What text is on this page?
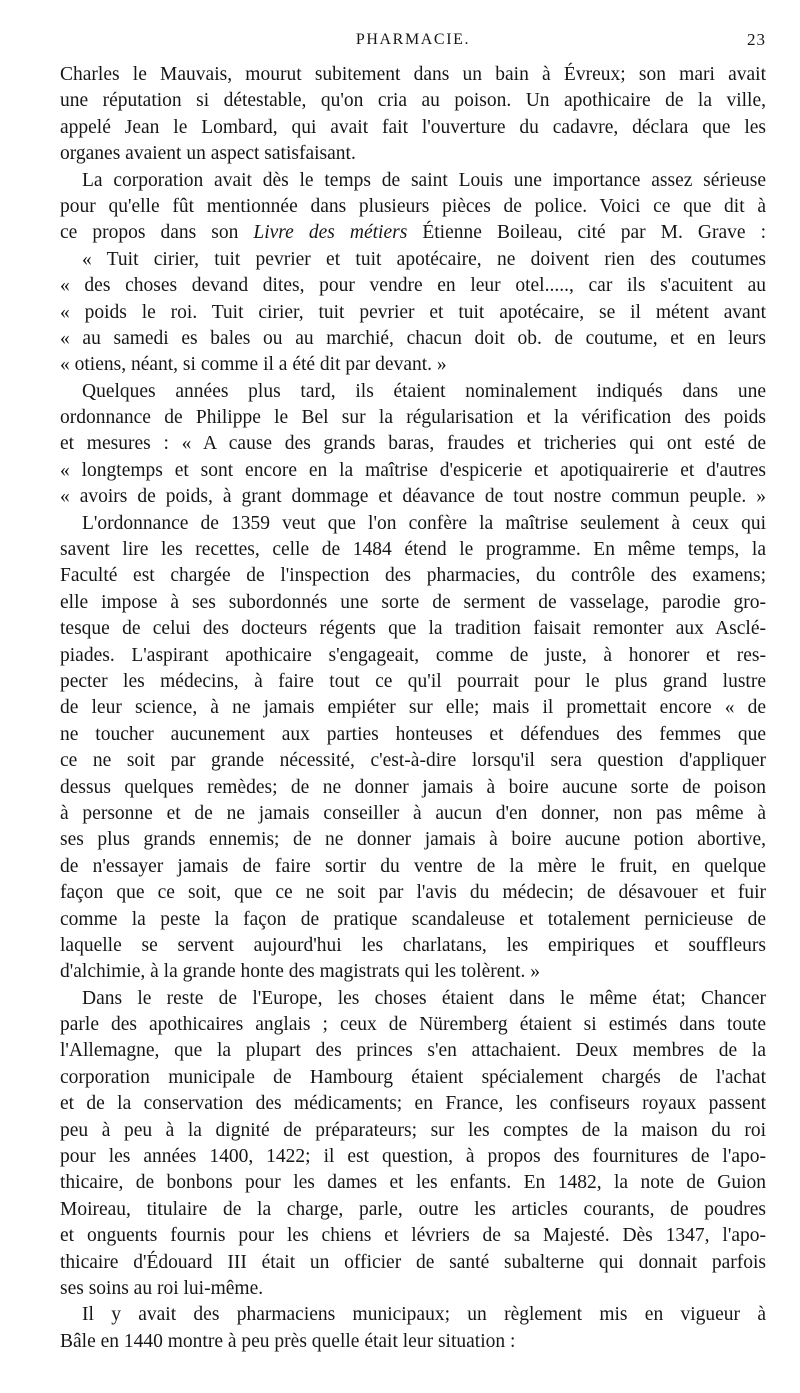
PHARMACIE.	23
Charles le Mauvais, mourut subitement dans un bain à Évreux; son mari avait
une réputation si détestable, qu'on cria au poison. Un apothicaire de la ville,
appelé Jean le Lombard, qui avait fait l'ouverture du cadavre, déclara que les
organes avaient un aspect satisfaisant.
La corporation avait dès le temps de saint Louis une importance assez sérieuse
pour qu'elle fût mentionnée dans plusieurs pièces de police. Voici ce que dit à
ce propos dans son Livre des métiers Étienne Boileau, cité par M. Grave :
« Tuit cirier, tuit pevrier et tuit apotécaire, ne doivent rien des coutumes
« des choses devand dites, pour vendre en leur otel....., car ils s'acuitent au
« poids le roi. Tuit cirier, tuit pevrier et tuit apotécaire, se il métent avant
« au samedi es bales ou au marchié, chacun doit ob. de coutume, et en leurs
« otiens, néant, si comme il a été dit par devant. »
Quelques années plus tard, ils étaient nominalement indiqués dans une
ordonnance de Philippe le Bel sur la régularisation et la vérification des poids
et mesures : « A cause des grands baras, fraudes et tricheries qui ont esté de
« longtemps et sont encore en la maîtrise d'espicerie et apotiquairerie et d'autres
« avoirs de poids, à grant dommage et déavance de tout nostre commun peuple. »
L'ordonnance de 1359 veut que l'on confère la maîtrise seulement à ceux qui
savent lire les recettes, celle de 1484 étend le programme. En même temps, la
Faculté est chargée de l'inspection des pharmacies, du contrôle des examens;
elle impose à ses subordonnés une sorte de serment de vasselage, parodie gro-
tesque de celui des docteurs régents que la tradition faisait remonter aux Asclé-
piades. L'aspirant apothicaire s'engageait, comme de juste, à honorer et res-
pecter les médecins, à faire tout ce qu'il pourrait pour le plus grand lustre
de leur science, à ne jamais empiéter sur elle; mais il promettait encore « de
ne toucher aucunement aux parties honteuses et défendues des femmes que
ce ne soit par grande nécessité, c'est-à-dire lorsqu'il sera question d'appliquer
dessus quelques remèdes; de ne donner jamais à boire aucune sorte de poison
à personne et de ne jamais conseiller à aucun d'en donner, non pas même à
ses plus grands ennemis; de ne donner jamais à boire aucune potion abortive,
de n'essayer jamais de faire sortir du ventre de la mère le fruit, en quelque
façon que ce soit, que ce ne soit par l'avis du médecin; de désavouer et fuir
comme la peste la façon de pratique scandaleuse et totalement pernicieuse de
laquelle se servent aujourd'hui les charlatans, les empiriques et souffleurs
d'alchimie, à la grande honte des magistrats qui les tolèrent. »
Dans le reste de l'Europe, les choses étaient dans le même état; Chancer
parle des apothicaires anglais ; ceux de Nüremberg étaient si estimés dans toute
l'Allemagne, que la plupart des princes s'en attachaient. Deux membres de la
corporation municipale de Hambourg étaient spécialement chargés de l'achat
et de la conservation des médicaments; en France, les confiseurs royaux passent
peu à peu à la dignité de préparateurs; sur les comptes de la maison du roi
pour les années 1400, 1422; il est question, à propos des fournitures de l'apo-
thicaire, de bonbons pour les dames et les enfants. En 1482, la note de Guion
Moireau, titulaire de la charge, parle, outre les articles courants, de poudres
et onguents fournis pour les chiens et lévriers de sa Majesté. Dès 1347, l'apo-
thicaire d'Édouard III était un officier de santé subalterne qui donnait parfois
ses soins au roi lui-même.
Il y avait des pharmaciens municipaux; un règlement mis en vigueur à
Bâle en 1440 montre à peu près quelle était leur situation :
